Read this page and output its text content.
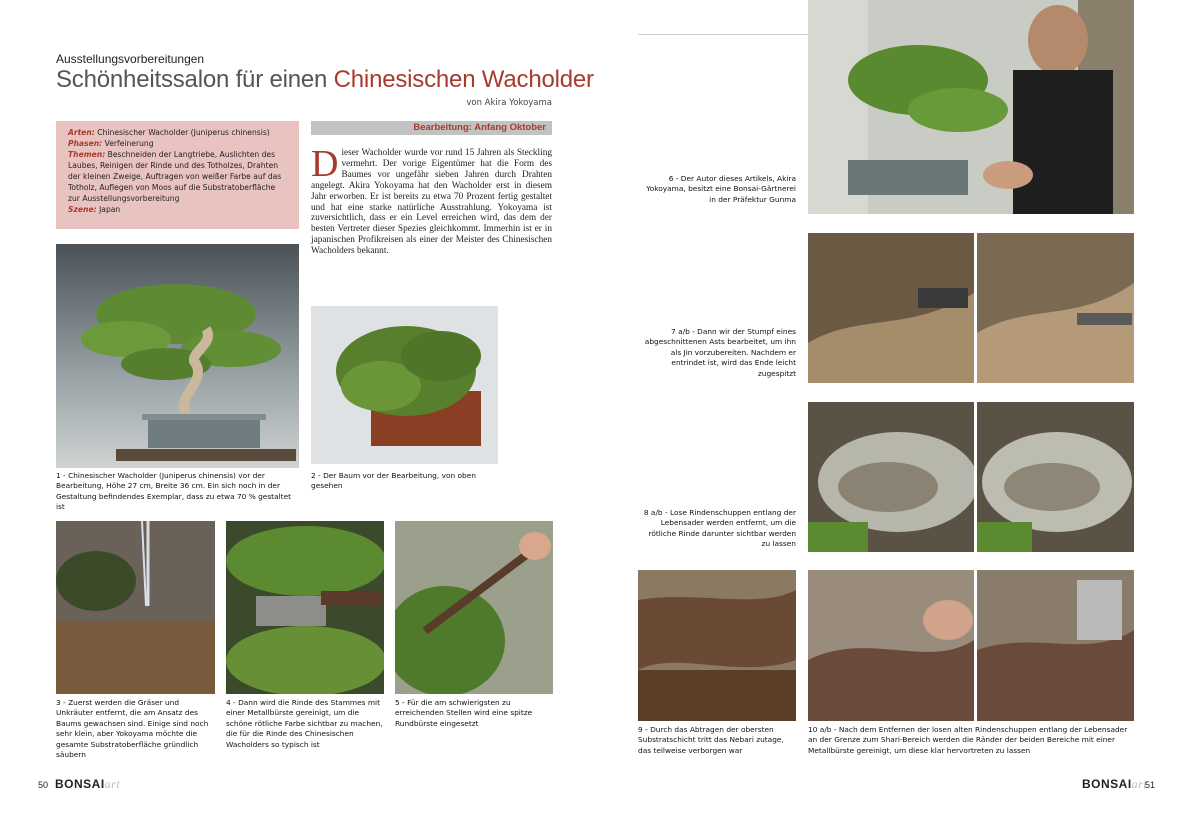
Ausstellungsvorbereitungen
Schönheitssalon für einen Chinesischen Wacholder
von Akira Yokoyama
Arten: Chinesischer Wacholder (Juniperus chinensis)
Phasen: Verfeinerung
Themen: Beschneiden der Langtriebe, Auslichten des Laubes, Reinigen der Rinde und des Totholzes, Drahten der kleinen Zweige, Auftragen von weißer Farbe auf das Totholz, Auflegen von Moos auf die Substratoberfläche zur Ausstellungsvorbereitung
Szene: Japan
Bearbeitung: Anfang Oktober
Dieser Wacholder wurde vor rund 15 Jahren als Steckling vermehrt. Der vorige Eigentümer hat die Form des Baumes vor ungefähr sieben Jahren durch Drahten angelegt. Akira Yokoyama hat den Wacholder erst in diesem Jahr erworben. Er ist bereits zu etwa 70 Prozent fertig gestaltet und hat eine starke natürliche Ausstrahlung. Yokoyama ist zuversichtlich, dass er ein Level erreichen wird, das dem der besten Vertreter dieser Spezies gleichkommt. Immerhin ist er in japanischen Profikreisen als einer der Meister des Chinesischen Wacholders bekannt.
1 - Chinesischer Wacholder (Juniperus chinensis) vor der Bearbeitung, Höhe 27 cm, Breite 36 cm. Ein sich noch in der Gestaltung befindendes Exemplar, dass zu etwa 70 % gestaltet ist
2 - Der Baum vor der Bearbeitung, von oben gesehen
3 - Zuerst werden die Gräser und Unkräuter entfernt, die am Ansatz des Baums gewachsen sind. Einige sind noch sehr klein, aber Yokoyama möchte die gesamte Substratoberfläche gründlich säubern
4 - Dann wird die Rinde des Stammes mit einer Metallbürste gereinigt, um die schöne rötliche Farbe sichtbar zu machen, die für die Rinde des Chinesischen Wacholders so typisch ist
5 - Für die am schwierigsten zu erreichenden Stellen wird eine spitze Rundbürste eingesetzt
50 BONSAIart
6 - Der Autor dieses Artikels, Akira Yokoyama, besitzt eine Bonsai-Gärtnerei in der Präfektur Gunma
7 a/b - Dann wir der Stumpf eines abgeschnittenen Asts bearbeitet, um ihn als Jin vorzubereiten. Nachdem er entrindet ist, wird das Ende leicht zugespitzt
8 a/b - Lose Rindenschuppen entlang der Lebensader werden entfernt, um die rötliche Rinde darunter sichtbar werden zu lassen
9 - Durch das Abtragen der obersten Substratschicht tritt das Nebari zutage, das teilweise verborgen war
10 a/b - Nach dem Entfernen der losen alten Rindenschuppen entlang der Lebensader an der Grenze zum Shari-Bereich werden die Ränder der beiden Bereiche mit einer Metallbürste gereinigt, um diese klar hervortreten zu lassen
BONSAIart
51
